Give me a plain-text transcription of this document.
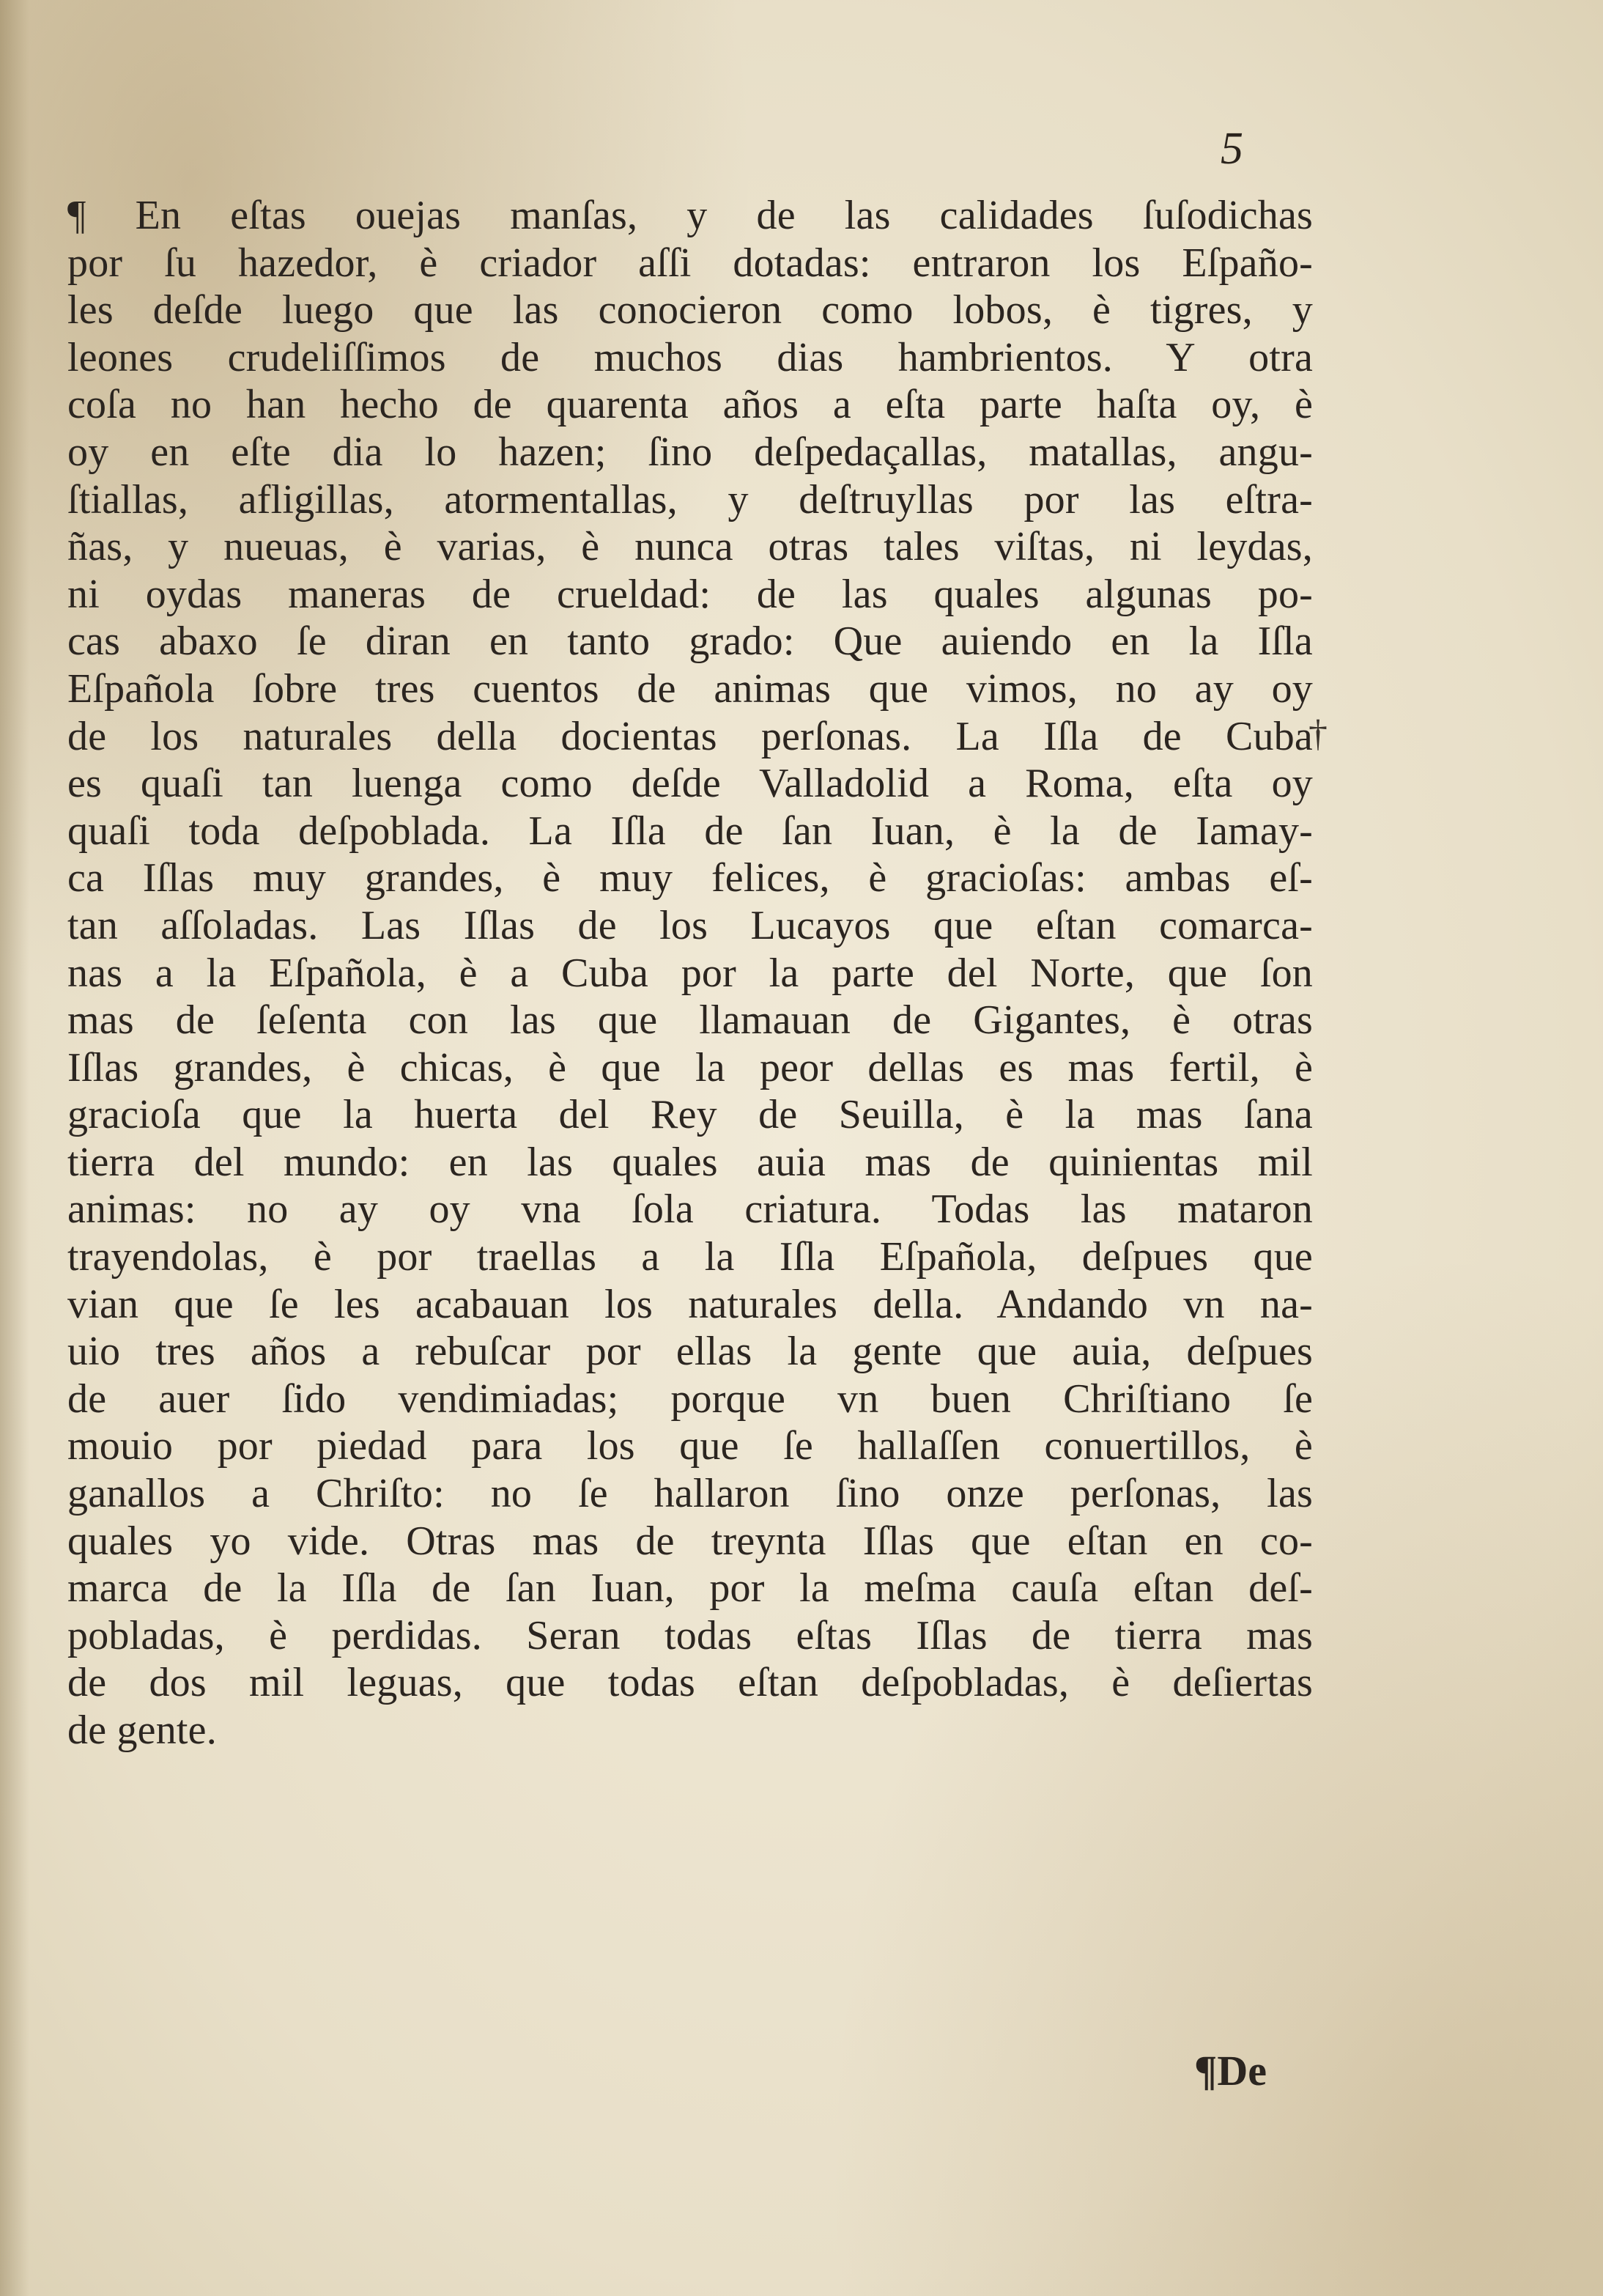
5
¶ En eſtas ouejas manſas, y de las calidades ſuſodichas
por ſu hazedor, è criador aſſi dotadas: entraron los Eſpaño-
les deſde luego que las conocieron como lobos, è tigres, y
leones crudeliſſimos de muchos dias hambrientos. Y otra
coſa no han hecho de quarenta años a eſta parte haſta oy, è
oy en eſte dia lo hazen; ſino deſpedaçallas, matallas, angu-
ſtiallas, afligillas, atormentallas, y deſtruyllas por las eſtra-
ñas, y nueuas, è varias, è nunca otras tales viſtas, ni leydas,
ni oydas maneras de crueldad: de las quales algunas po-
cas abaxo ſe diran en tanto grado: Que auiendo en la Iſla
Eſpañola ſobre tres cuentos de animas que vimos, no ay oy
de los naturales della docientas perſonas. La Iſla de Cuba
es quaſi tan luenga como deſde Valladolid a Roma, eſta oy
quaſi toda deſpoblada. La Iſla de ſan Iuan, è la de Iamay-
ca Iſlas muy grandes, è muy felices, è gracioſas: ambas eſ-
tan aſſoladas. Las Iſlas de los Lucayos que eſtan comarca-
nas a la Eſpañola, è a Cuba por la parte del Norte, que ſon
mas de ſeſenta con las que llamauan de Gigantes, è otras
Iſlas grandes, è chicas, è que la peor dellas es mas fertil, è
gracioſa que la huerta del Rey de Seuilla, è la mas ſana
tierra del mundo: en las quales auia mas de quinientas mil
animas: no ay oy vna ſola criatura. Todas las mataron
trayendolas, è por traellas a la Iſla Eſpañola, deſpues que
vian que ſe les acabauan los naturales della. Andando vn na-
uio tres años a rebuſcar por ellas la gente que auia, deſpues
de auer ſido vendimiadas; porque vn buen Chriſtiano ſe
mouio por piedad para los que ſe hallaſſen conuertillos, è
ganallos a Chriſto: no ſe hallaron ſino onze perſonas, las
quales yo vide. Otras mas de treynta Iſlas que eſtan en co-
marca de la Iſla de ſan Iuan, por la meſma cauſa eſtan deſ-
pobladas, è perdidas. Seran todas eſtas Iſlas de tierra mas
de dos mil leguas, que todas eſtan deſpobladas, è deſiertas
de gente.
†
¶De
